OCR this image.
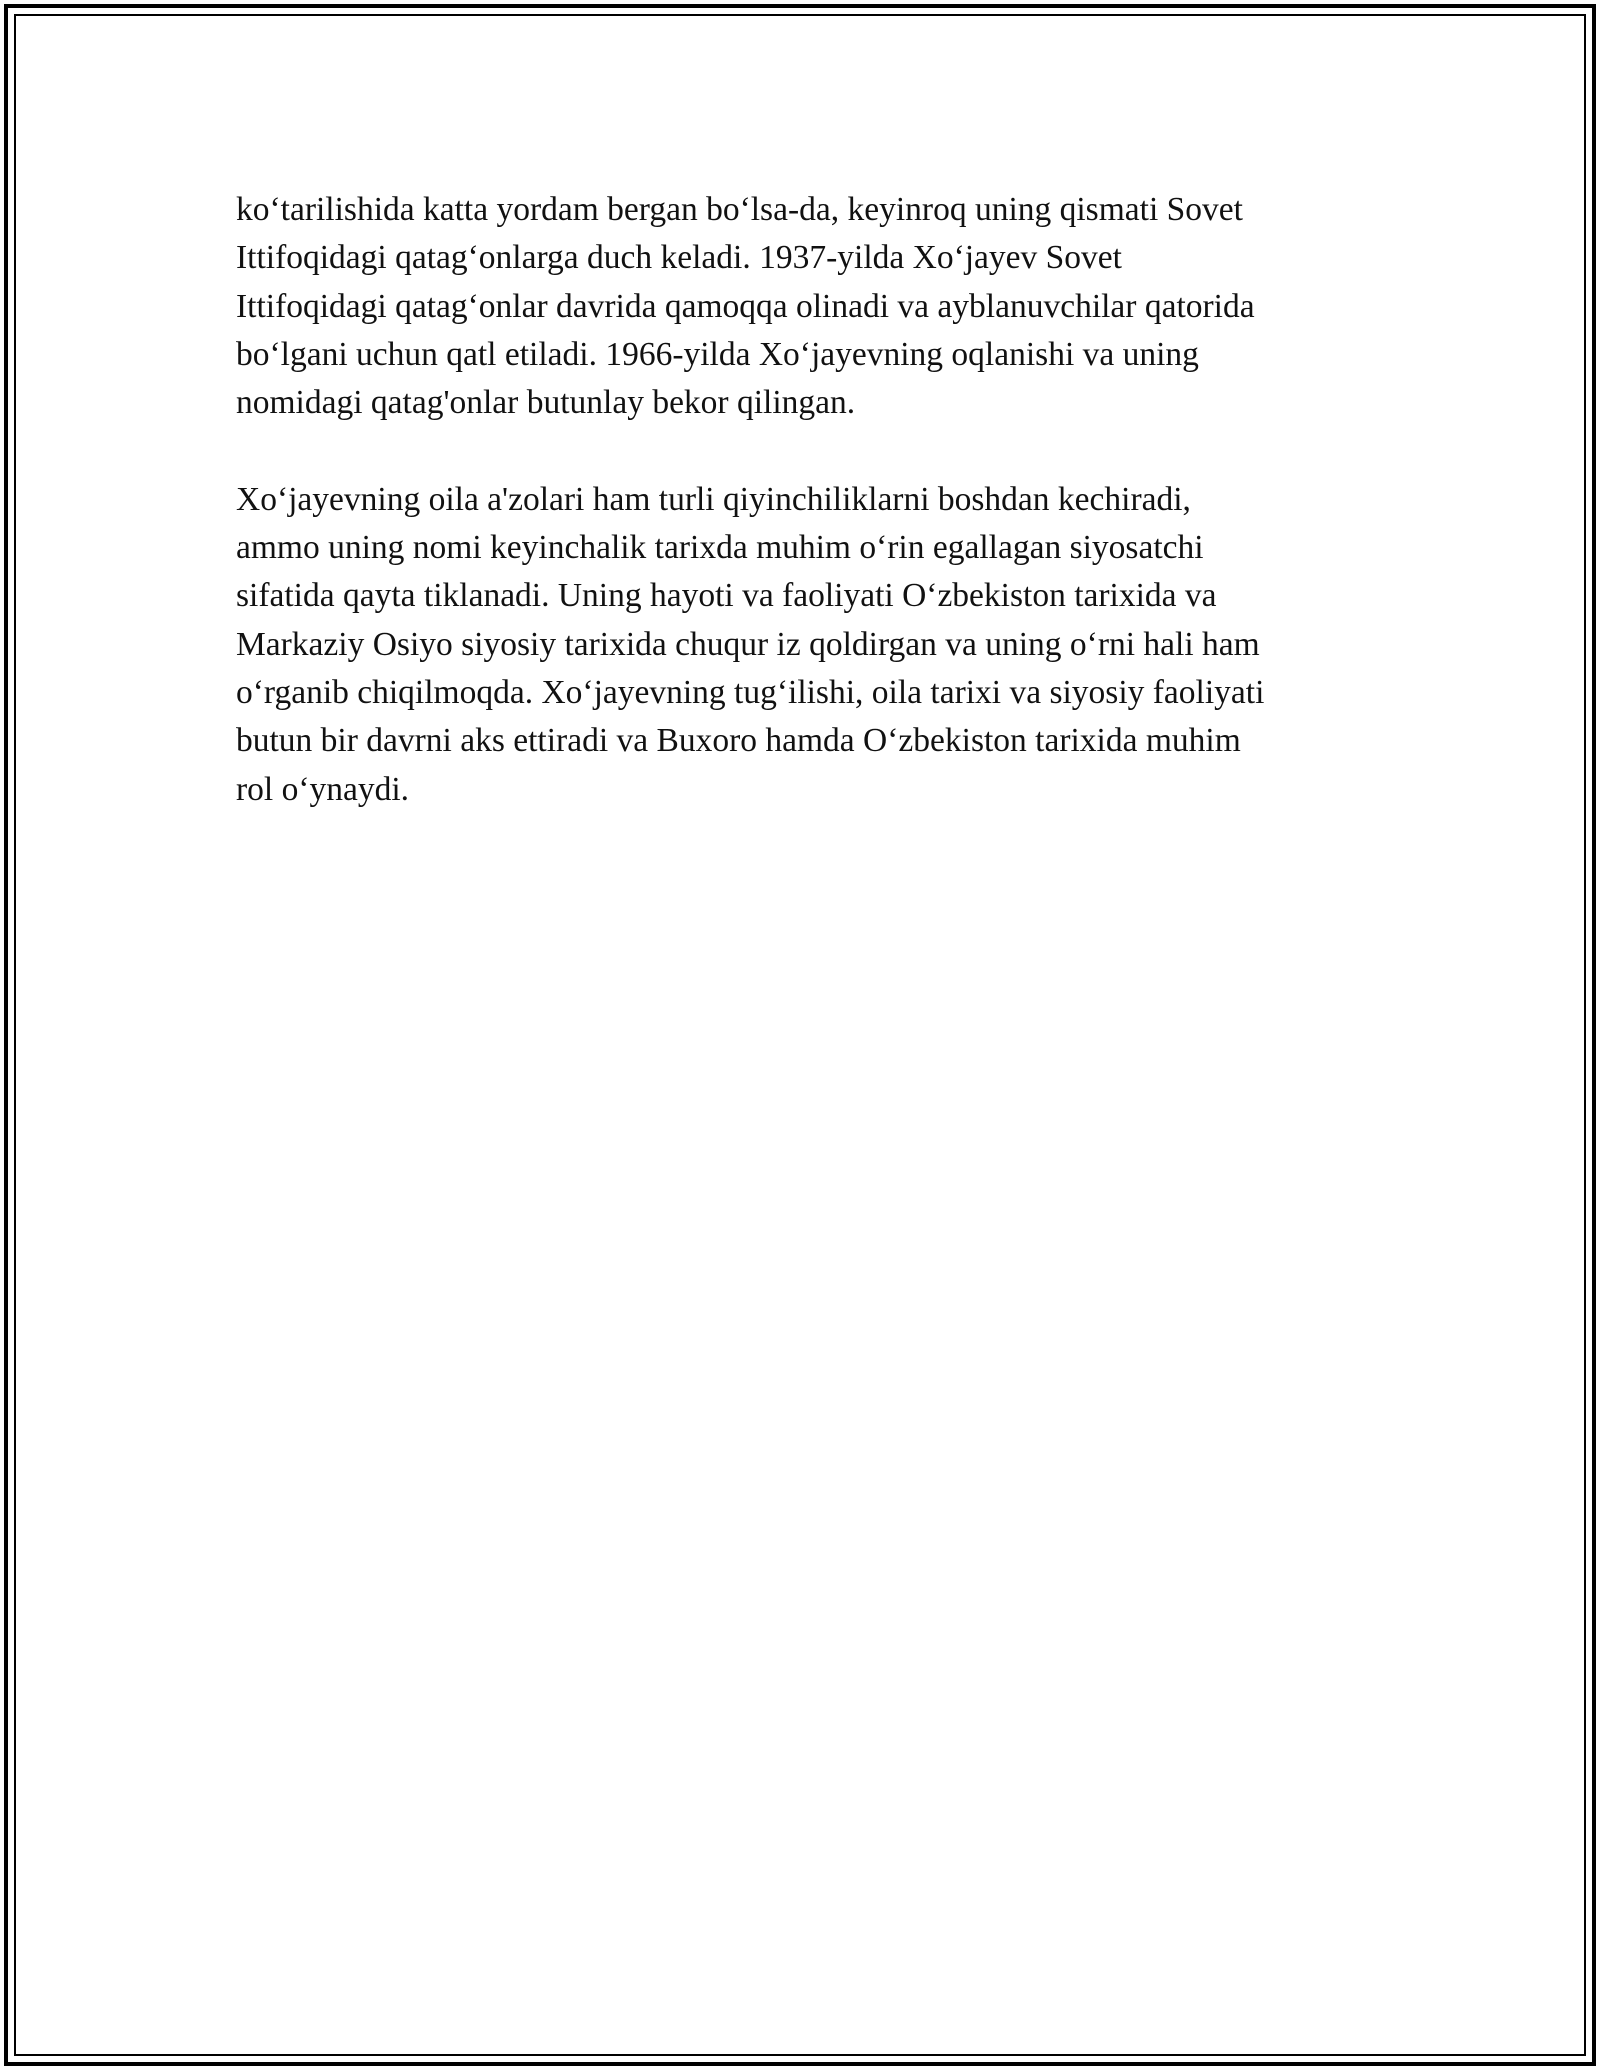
ko‘tarilishida katta yordam bergan bo‘lsa-da, keyinroq uning qismati Sovet
Ittifoqidagi qatag‘onlarga duch keladi. 1937-yilda Xo‘jayev Sovet
Ittifoqidagi qatag‘onlar davrida qamoqqa olinadi va ayblanuvchilar qatorida
bo‘lgani uchun qatl etiladi. 1966-yilda Xo‘jayevning oqlanishi va uning
nomidagi qatag'onlar butunlay bekor qilingan.

Xo‘jayevning oila a'zolari ham turli qiyinchiliklarni boshdan kechiradi,
ammo uning nomi keyinchalik tarixda muhim o‘rin egallagan siyosatchi
sifatida qayta tiklanadi. Uning hayoti va faoliyati O‘zbekiston tarixida va
Markaziy Osiyo siyosiy tarixida chuqur iz qoldirgan va uning o‘rni hali ham
o‘rganib chiqilmoqda. Xo‘jayevning tug‘ilishi, oila tarixi va siyosiy faoliyati
butun bir davrni aks ettiradi va Buxoro hamda O‘zbekiston tarixida muhim
rol o‘ynaydi.
